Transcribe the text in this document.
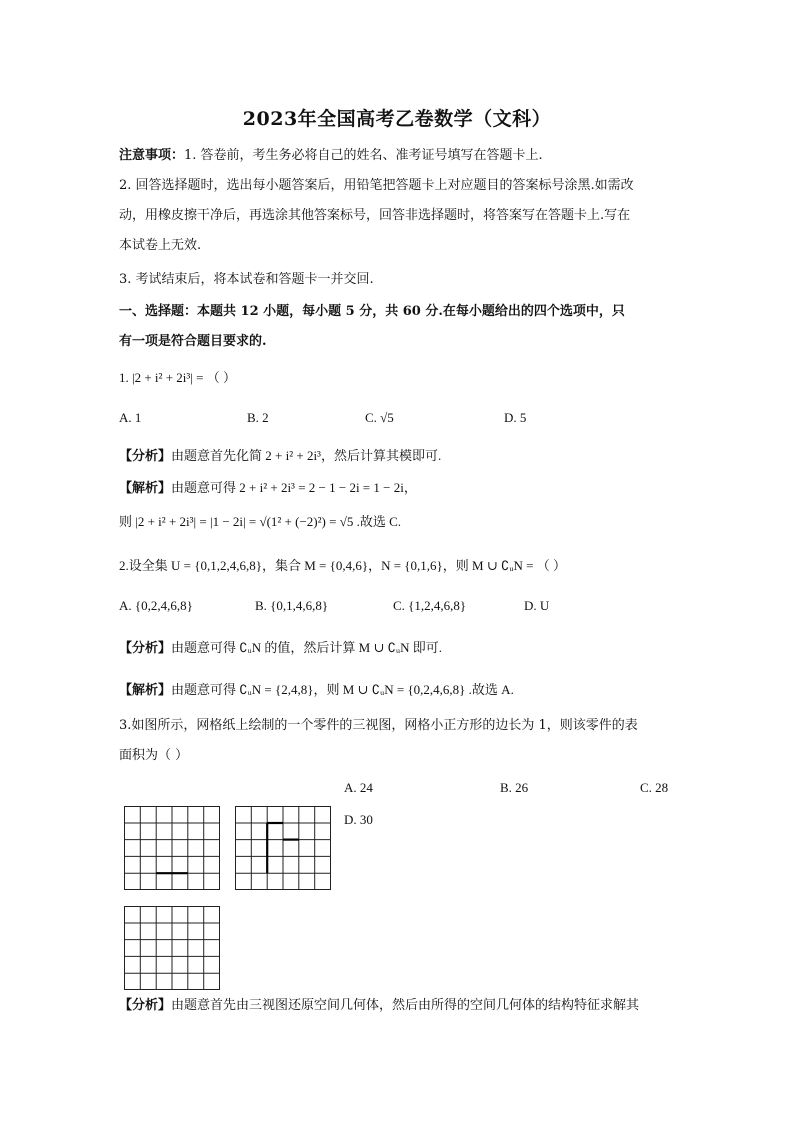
2023年全国高考乙卷数学（文科）
注意事项：1. 答卷前，考生务必将自己的姓名、准考证号填写在答题卡上.
2. 回答选择题时，选出每小题答案后，用铅笔把答题卡上对应题目的答案标号涂黑.如需改
动，用橡皮擦干净后，再选涂其他答案标号，回答非选择题时，将答案写在答题卡上.写在
本试卷上无效.
3. 考试结束后，将本试卷和答题卡一并交回.
一、选择题：本题共 12 小题，每小题 5 分，共 60 分.在每小题给出的四个选项中，只
有一项是符合题目要求的.
1. |2 + i² + 2i³| = （ ）
A. 1	B. 2	C. √5	D. 5
【分析】由题意首先化简 2 + i² + 2i³，然后计算其模即可.
【解析】由题意可得 2 + i² + 2i³ = 2 − 1 − 2i = 1 − 2i，
则 |2 + i² + 2i³| = |1 − 2i| = √(1² + (−2)²) = √5 .故选 C.
2.设全集 U = {0,1,2,4,6,8}，集合 M = {0,4,6}，N = {0,1,6}，则 M ∪ ∁ᵤN = （ ）
A. {0,2,4,6,8}	B. {0,1,4,6,8}	C. {1,2,4,6,8}	D. U
【分析】由题意可得 ∁ᵤN 的值，然后计算 M ∪ ∁ᵤN 即可.
【解析】由题意可得 ∁ᵤN = {2,4,8}，则 M ∪ ∁ᵤN = {0,2,4,6,8} .故选 A.
3.如图所示，网格纸上绘制的一个零件的三视图，网格小正方形的边长为 1，则该零件的表
面积为（ ）
A. 24	B. 26	C. 28
D. 30
【分析】由题意首先由三视图还原空间几何体，然后由所得的空间几何体的结构特征求解其
